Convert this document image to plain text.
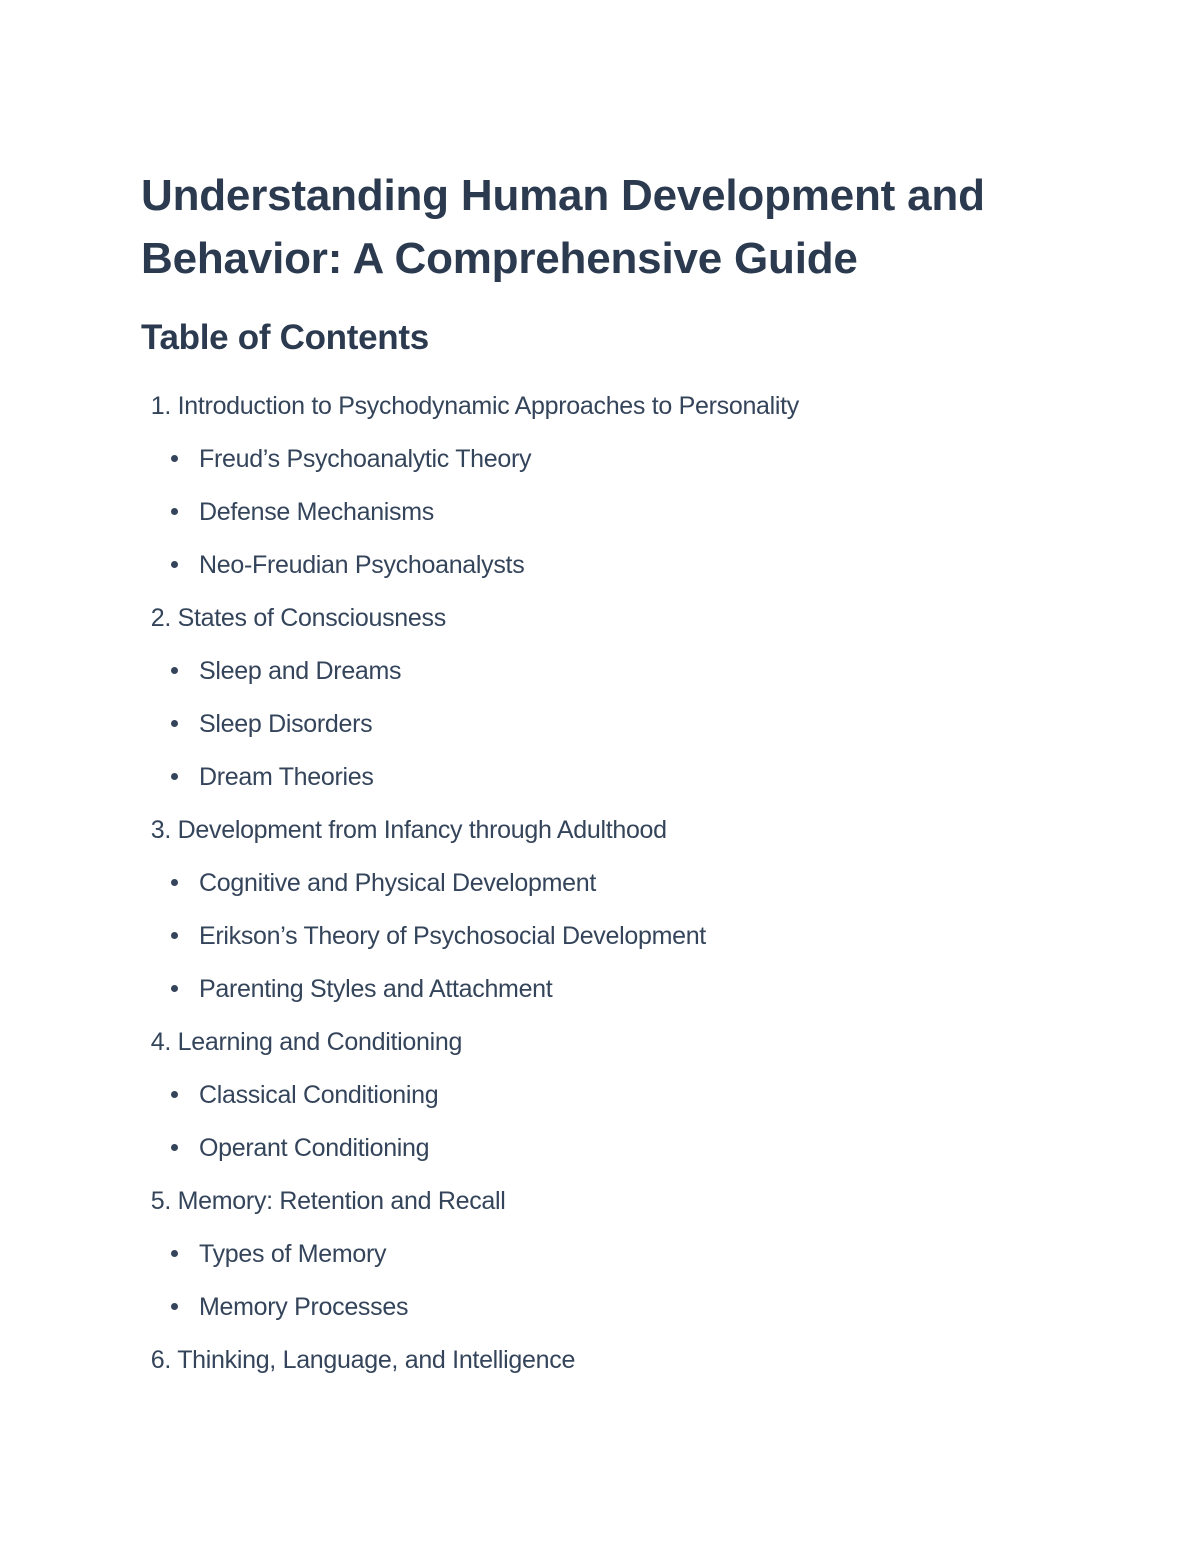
Understanding Human Development and Behavior: A Comprehensive Guide
Table of Contents
1. Introduction to Psychodynamic Approaches to Personality
Freud’s Psychoanalytic Theory
Defense Mechanisms
Neo-Freudian Psychoanalysts
2. States of Consciousness
Sleep and Dreams
Sleep Disorders
Dream Theories
3. Development from Infancy through Adulthood
Cognitive and Physical Development
Erikson’s Theory of Psychosocial Development
Parenting Styles and Attachment
4. Learning and Conditioning
Classical Conditioning
Operant Conditioning
5. Memory: Retention and Recall
Types of Memory
Memory Processes
6. Thinking, Language, and Intelligence
